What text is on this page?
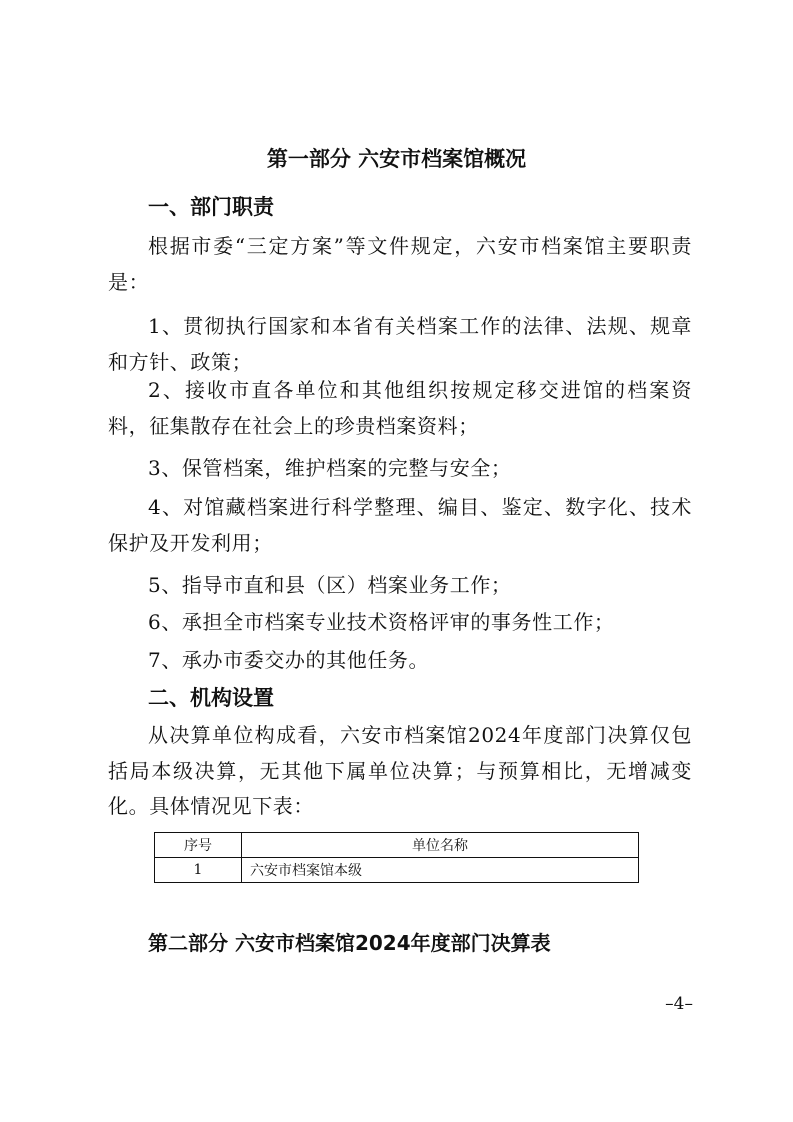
第一部分 六安市档案馆概况
一、部门职责
根据市委“三定方案”等文件规定，六安市档案馆主要职责是：
1、贯彻执行国家和本省有关档案工作的法律、法规、规章和方针、政策；
2、接收市直各单位和其他组织按规定移交进馆的档案资料，征集散存在社会上的珍贵档案资料；
3、保管档案，维护档案的完整与安全；
4、对馆藏档案进行科学整理、编目、鉴定、数字化、技术保护及开发利用；
5、指导市直和县（区）档案业务工作；
6、承担全市档案专业技术资格评审的事务性工作；
7、承办市委交办的其他任务。
二、机构设置
从决算单位构成看，六安市档案馆2024年度部门决算仅包括局本级决算，无其他下属单位决算；与预算相比，无增减变化。具体情况见下表：
序号	单位名称
1	六安市档案馆本级
第二部分 六安市档案馆2024年度部门决算表
–4–
